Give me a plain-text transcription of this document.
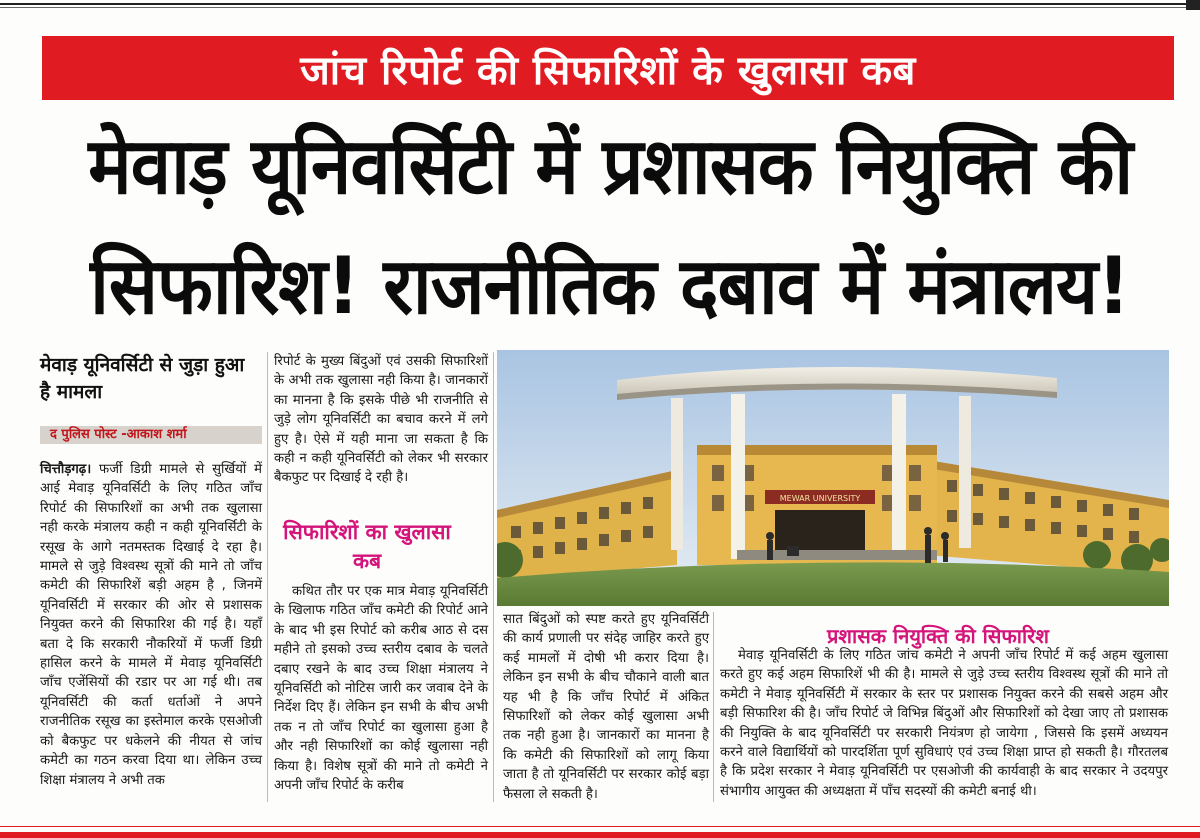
जांच रिपोर्ट की सिफारिशों के खुलासा कब
मेवाड़ यूनिवर्सिटी में प्रशासक नियुक्ति की
सिफारिश! राजनीतिक दबाव में मंत्रालय!
मेवाड़ यूनिवर्सिटी से जुड़ा हुआ है मामला
द पुलिस पोस्ट -आकाश शर्मा

चित्तौड़गढ़। फर्जी डिग्री मामले से सुर्खियों में आई मेवाड़ यूनिवर्सिटी के लिए गठित जाँच रिपोर्ट की सिफारिशों का अभी तक खुलासा नही करके मंत्रालय कही न कही यूनिवर्सिटी के रसूख के आगे नतमस्तक दिखाई दे रहा है। मामले से जुड़े विश्वस्थ सूत्रों की माने तो जाँच कमेटी की सिफारिशें बड़ी अहम है , जिनमें यूनिवर्सिटी में सरकार की ओर से प्रशासक नियुक्त करने की सिफारिश की गई है। यहाँ बता दे कि सरकारी नौकरियों में फर्जी डिग्री हासिल करने के मामले में मेवाड़ यूनिवर्सिटी जाँच एजेंसियों की रडार पर आ गई थी। तब यूनिवर्सिटी की कर्ता धर्ताओं ने अपने राजनीतिक रसूख का इस्तेमाल करके एसओजी को बैकफुट पर धकेलने की नीयत से जांच कमेटी का गठन करवा दिया था। लेकिन उच्च शिक्षा मंत्रालय ने अभी तक

रिपोर्ट के मुख्य बिंदुओं एवं उसकी सिफारिशों के अभी तक खुलासा नही किया है। जानकारों का मानना है कि इसके पीछे भी राजनीति से जुड़े लोग यूनिवर्सिटी का बचाव करने में लगे हुए है। ऐसे में यही माना जा सकता है कि कही न कही यूनिवर्सिटी को लेकर भी सरकार बैकफुट पर दिखाई दे रही है।

सिफारिशों का खुलासा कब

कथित तौर पर एक मात्र मेवाड़ यूनिवर्सिटी के खिलाफ गठित जाँच कमेटी की रिपोर्ट आने के बाद भी इस रिपोर्ट को करीब आठ से दस महीने तो इसको उच्च स्तरीय दबाव के चलते दबाए रखने के बाद उच्च शिक्षा मंत्रालय ने यूनिवर्सिटी को नोटिस जारी कर जवाब देने के निर्देश दिए हैं। लेकिन इन सभी के बीच अभी तक न तो जाँच रिपोर्ट का खुलासा हुआ है और नही सिफारिशों का कोई खुलासा नही किया है। विशेष सूत्रों की माने तो कमेटी ने अपनी जाँच रिपोर्ट के करीब

MEWAR UNIVERSITY

सात बिंदुओं को स्पष्ट करते हुए यूनिवर्सिटी की कार्य प्रणाली पर संदेह जाहिर करते हुए कई मामलों में दोषी भी करार दिया है। लेकिन इन सभी के बीच चौकाने वाली बात यह भी है कि जाँच रिपोर्ट में अंकित सिफारिशों को लेकर कोई खुलासा अभी तक नही हुआ है। जानकारों का मानना है कि कमेटी की सिफारिशों को लागू किया जाता है तो यूनिवर्सिटी पर सरकार कोई बड़ा फैसला ले सकती है।

प्रशासक नियुक्ति की सिफारिश

मेवाड़ यूनिवर्सिटी के लिए गठित जांच कमेटी ने अपनी जाँच रिपोर्ट में कई अहम खुलासा करते हुए कई अहम सिफारिशें भी की है। मामले से जुड़े उच्च स्तरीय विश्वस्थ सूत्रों की माने तो कमेटी ने मेवाड़ यूनिवर्सिटी में सरकार के स्तर पर प्रशासक नियुक्त करने की सबसे अहम और बड़ी सिफारिश की है। जाँच रिपोर्ट जे विभिन्न बिंदुओं और सिफारिशों को देखा जाए तो प्रशासक की नियुक्ति के बाद यूनिवर्सिटी पर सरकारी नियंत्रण हो जायेगा , जिससे कि इसमें अध्ययन करने वाले विद्यार्थियों को पारदर्शिता पूर्ण सुविधाएं एवं उच्च शिक्षा प्राप्त हो सकती है। गौरतलब है कि प्रदेश सरकार ने मेवाड़ यूनिवर्सिटी पर एसओजी की कार्यवाही के बाद सरकार ने उदयपुर संभागीय आयुक्त की अध्यक्षता में पाँच सदस्यों की कमेटी बनाई थी।
